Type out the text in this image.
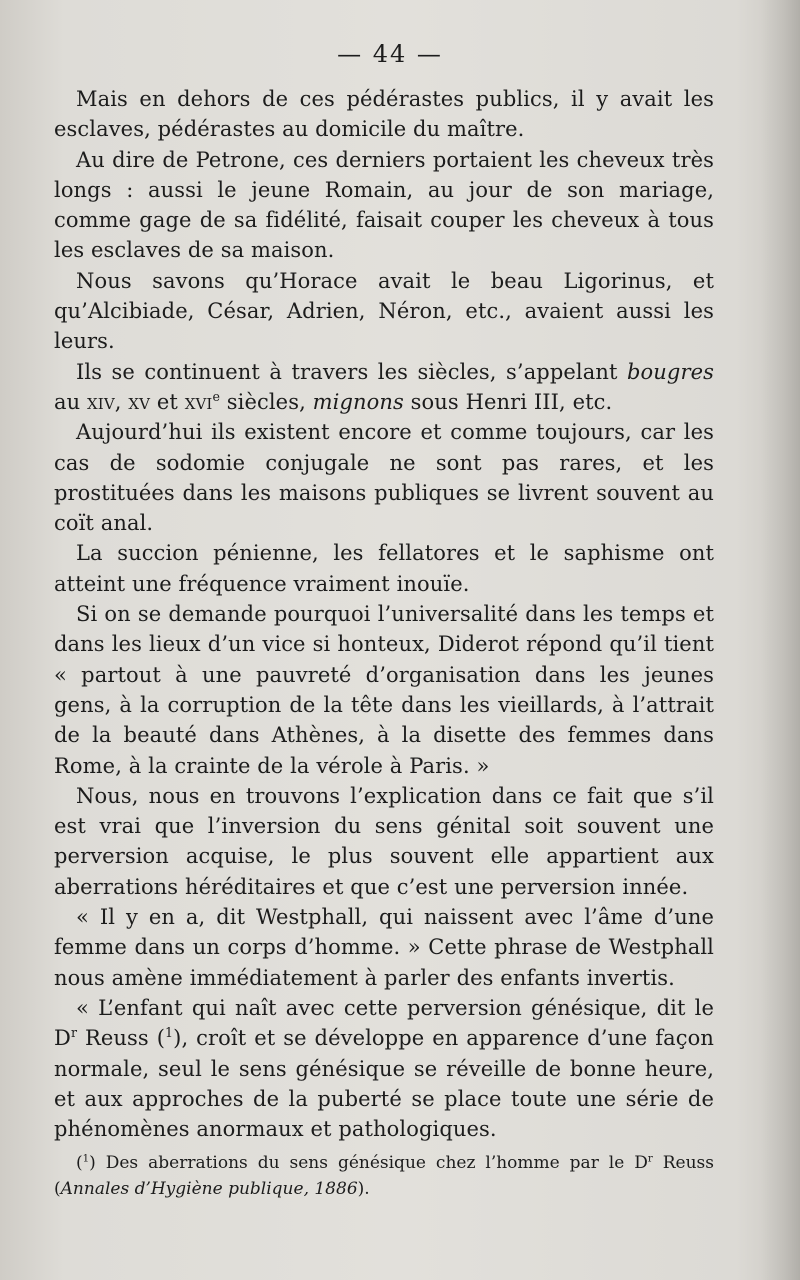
— 44 —

Mais en dehors de ces pédérastes publics, il y avait les esclaves, pédérastes au domicile du maître.

Au dire de Petrone, ces derniers portaient les cheveux très longs : aussi le jeune Romain, au jour de son mariage, comme gage de sa fidélité, faisait couper les cheveux à tous les esclaves de sa maison.

Nous savons qu’Horace avait le beau Ligorinus, et qu’Alcibiade, César, Adrien, Néron, etc., avaient aussi les leurs.

Ils se continuent à travers les siècles, s’appelant bougres au xiv, xv et xvi$^e$ siècles, mignons sous Henri III, etc.

Aujourd’hui ils existent encore et comme toujours, car les cas de sodomie conjugale ne sont pas rares, et les prostituées dans les maisons publiques se livrent souvent au coït anal.

La succion pénienne, les fellatores et le saphisme ont atteint une fréquence vraiment inouïe.

Si on se demande pourquoi l’universalité dans les temps et dans les lieux d’un vice si honteux, Diderot répond qu’il tient « partout à une pauvreté d’organisation dans les jeunes gens, à la corruption de la tête dans les vieillards, à l’attrait de la beauté dans Athènes, à la disette des femmes dans Rome, à la crainte de la vérole à Paris. »

Nous, nous en trouvons l’explication dans ce fait que s’il est vrai que l’inversion du sens génital soit souvent une perversion acquise, le plus souvent elle appartient aux aberrations héréditaires et que c’est une perversion innée.

« Il y en a, dit Westphall, qui naissent avec l’âme d’une femme dans un corps d’homme. » Cette phrase de Westphall nous amène immédiatement à parler des enfants invertis.

« L’enfant qui naît avec cette perversion génésique, dit le $D^r$ Reuss ($^1$), croît et se développe en apparence d’une façon normale, seul le sens génésique se réveille de bonne heure, et aux approches de la puberté se place toute une série de phénomènes anormaux et pathologiques.

($^1$) Des aberrations du sens génésique chez l’homme par le $D^r$ Reuss (Annales d’Hygiène publique, 1886).
